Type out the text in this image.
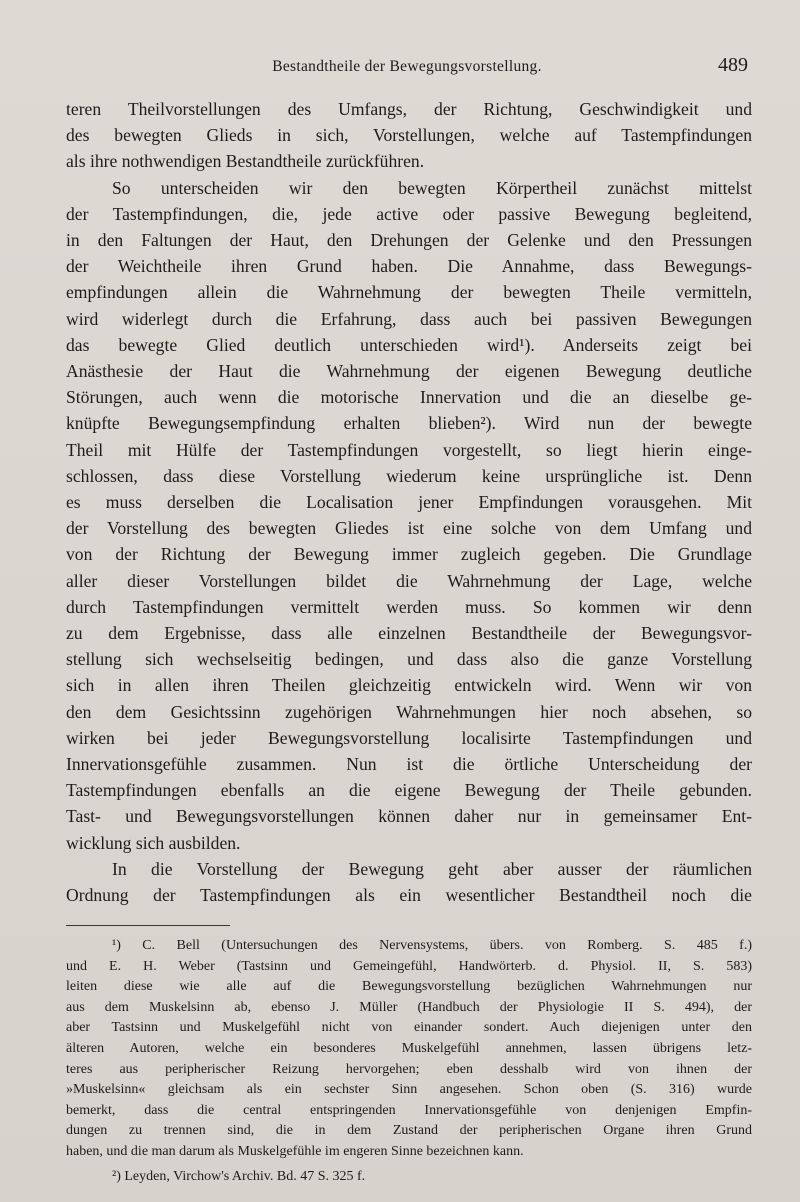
Bestandtheile der Bewegungsvorstellung.	489

teren Theilvorstellungen des Umfangs, der Richtung, Geschwindigkeit und
des bewegten Glieds in sich, Vorstellungen, welche auf Tastempfindungen
als ihre nothwendigen Bestandtheile zurückführen.

So unterscheiden wir den bewegten Körpertheil zunächst mittelst
der Tastempfindungen, die, jede active oder passive Bewegung begleitend,
in den Faltungen der Haut, den Drehungen der Gelenke und den Pressungen
der Weichtheile ihren Grund haben. Die Annahme, dass Bewegungs-
empfindungen allein die Wahrnehmung der bewegten Theile vermitteln,
wird widerlegt durch die Erfahrung, dass auch bei passiven Bewegungen
das bewegte Glied deutlich unterschieden wird¹). Anderseits zeigt bei
Anästhesie der Haut die Wahrnehmung der eigenen Bewegung deutliche
Störungen, auch wenn die motorische Innervation und die an dieselbe ge-
knüpfte Bewegungsempfindung erhalten blieben²). Wird nun der bewegte
Theil mit Hülfe der Tastempfindungen vorgestellt, so liegt hierin einge-
schlossen, dass diese Vorstellung wiederum keine ursprüngliche ist. Denn
es muss derselben die Localisation jener Empfindungen vorausgehen. Mit
der Vorstellung des bewegten Gliedes ist eine solche von dem Umfang und
von der Richtung der Bewegung immer zugleich gegeben. Die Grundlage
aller dieser Vorstellungen bildet die Wahrnehmung der Lage, welche
durch Tastempfindungen vermittelt werden muss. So kommen wir denn
zu dem Ergebnisse, dass alle einzelnen Bestandtheile der Bewegungsvor-
stellung sich wechselseitig bedingen, und dass also die ganze Vorstellung
sich in allen ihren Theilen gleichzeitig entwickeln wird. Wenn wir von
den dem Gesichtssinn zugehörigen Wahrnehmungen hier noch absehen, so
wirken bei jeder Bewegungsvorstellung localisirte Tastempfindungen und
Innervationsgefühle zusammen. Nun ist die örtliche Unterscheidung der
Tastempfindungen ebenfalls an die eigene Bewegung der Theile gebunden.
Tast- und Bewegungsvorstellungen können daher nur in gemeinsamer Ent-
wicklung sich ausbilden.

In die Vorstellung der Bewegung geht aber ausser der räumlichen
Ordnung der Tastempfindungen als ein wesentlicher Bestandtheil noch die

¹) C. Bell (Untersuchungen des Nervensystems, übers. von Romberg. S. 485 f.)
und E. H. Weber (Tastsinn und Gemeingefühl, Handwörterb. d. Physiol. II, S. 583)
leiten diese wie alle auf die Bewegungsvorstellung bezüglichen Wahrnehmungen nur
aus dem Muskelsinn ab, ebenso J. Müller (Handbuch der Physiologie II S. 494), der
aber Tastsinn und Muskelgefühl nicht von einander sondert. Auch diejenigen unter den
älteren Autoren, welche ein besonderes Muskelgefühl annehmen, lassen übrigens letz-
teres aus peripherischer Reizung hervorgehen; eben desshalb wird von ihnen der
»Muskelsinn« gleichsam als ein sechster Sinn angesehen. Schon oben (S. 316) wurde
bemerkt, dass die central entspringenden Innervationsgefühle von denjenigen Empfin-
dungen zu trennen sind, die in dem Zustand der peripherischen Organe ihren Grund
haben, und die man darum als Muskelgefühle im engeren Sinne bezeichnen kann.
²) Leyden, Virchow's Archiv. Bd. 47 S. 325 f.
